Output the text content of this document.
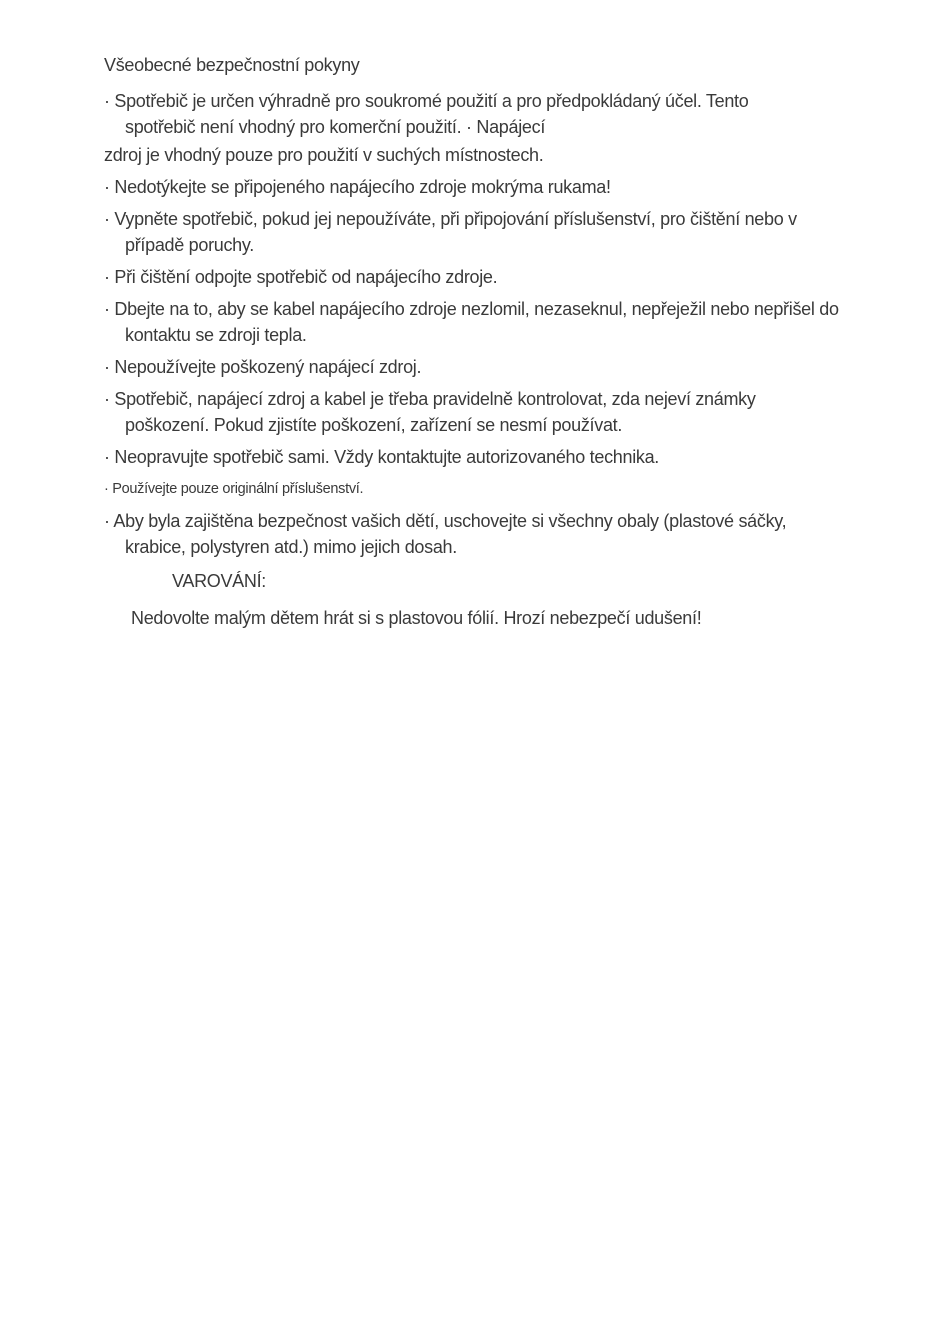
Všeobecné bezpečnostní pokyny
· Spotřebič je určen výhradně pro soukromé použití a pro předpokládaný účel. Tento
spotřebič není vhodný pro komerční použití. · Napájecí
zdroj je vhodný pouze pro použití v suchých místnostech.
· Nedotýkejte se připojeného napájecího zdroje mokrýma rukama!
· Vypněte spotřebič, pokud jej nepoužíváte, při připojování příslušenství, pro čištění nebo v
případě poruchy.
· Při čištění odpojte spotřebič od napájecího zdroje.
· Dbejte na to, aby se kabel napájecího zdroje nezlomil, nezaseknul, nepřeježil nebo nepřišel do
kontaktu se zdroji tepla.
· Nepoužívejte poškozený napájecí zdroj.
· Spotřebič, napájecí zdroj a kabel je třeba pravidelně kontrolovat, zda nejeví známky
poškození. Pokud zjistíte poškození, zařízení se nesmí používat.
· Neopravujte spotřebič sami. Vždy kontaktujte autorizovaného technika.
· Používejte pouze originální příslušenství.
· Aby byla zajištěna bezpečnost vašich dětí, uschovejte si všechny obaly (plastové sáčky,
krabice, polystyren atd.) mimo jejich dosah.
VAROVÁNÍ:
Nedovolte malým dětem hrát si s plastovou fólií. Hrozí nebezpečí udušení!
